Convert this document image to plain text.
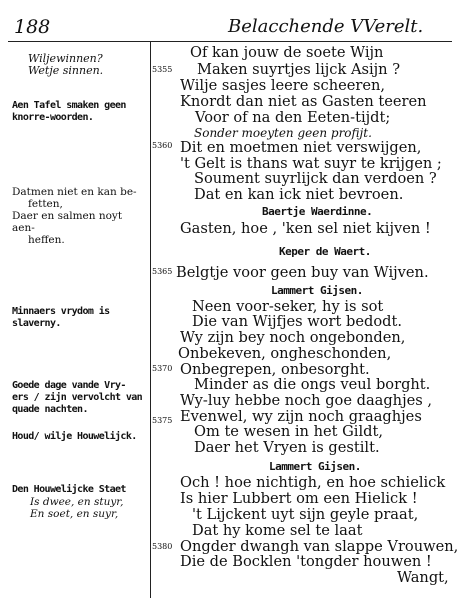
188	Belacchende VVerelt.
Wiljewinnen?
Wetje sinnen.
Aen Tafel smaken geen
knorre-woorden.
Datmen niet en kan be-
fetten,
Daer en salmen noyt aen-
heffen.
Minnaers vrydom is
slaverny.
Goede dage vande Vry-
ers / zijn vervolcht van
quade nachten.
Houd/ wilje Houwelijck.
Den Houwelijcke Staet
Is dwee, en stuyr,
En soet, en suyr,
5355
5360
5365
5370
5375
5380
Of kan jouw de soete Wijn
Maken suyrtjes lijck Asijn ?
Wilje sasjes leere scheeren,
Knordt dan niet as Gasten teeren
Voor of na den Eeten-tijdt;
Sonder moeyten geen profijt.
Dit en moetmen niet verswijgen,
't Gelt is thans wat suyr te krijgen ;
Soument suyrlijck dan verdoen ?
Dat en kan ick niet bevroen.
Baertje Waerdinne.
Gasten, hoe , 'ken sel niet kijven !
Keper de Waert.
Belgtje voor geen buy van Wijven.
Lammert Gijsen.
Neen voor-seker, hy is sot
Die van Wijfjes wort bedodt.
Wy zijn bey noch ongebonden,
Onbekeven, ongheschonden,
Onbegrepen, onbesorght.
Minder as die ongs veul borght.
Wy-luy hebbe noch goe daaghjes ,
Evenwel, wy zijn noch graaghjes
Om te wesen in het Gildt,
Daer het Vryen is gestilt.
Lammert Gijsen.
Och ! hoe nichtigh, en hoe schielick
Is hier Lubbert om een Hielick !
't Lijckent uyt sijn geyle praat,
Dat hy kome sel te laat
Ongder dwangh van slappe Vrouwen,
Die de Bocklen 'tongder houwen !
Wangt,
